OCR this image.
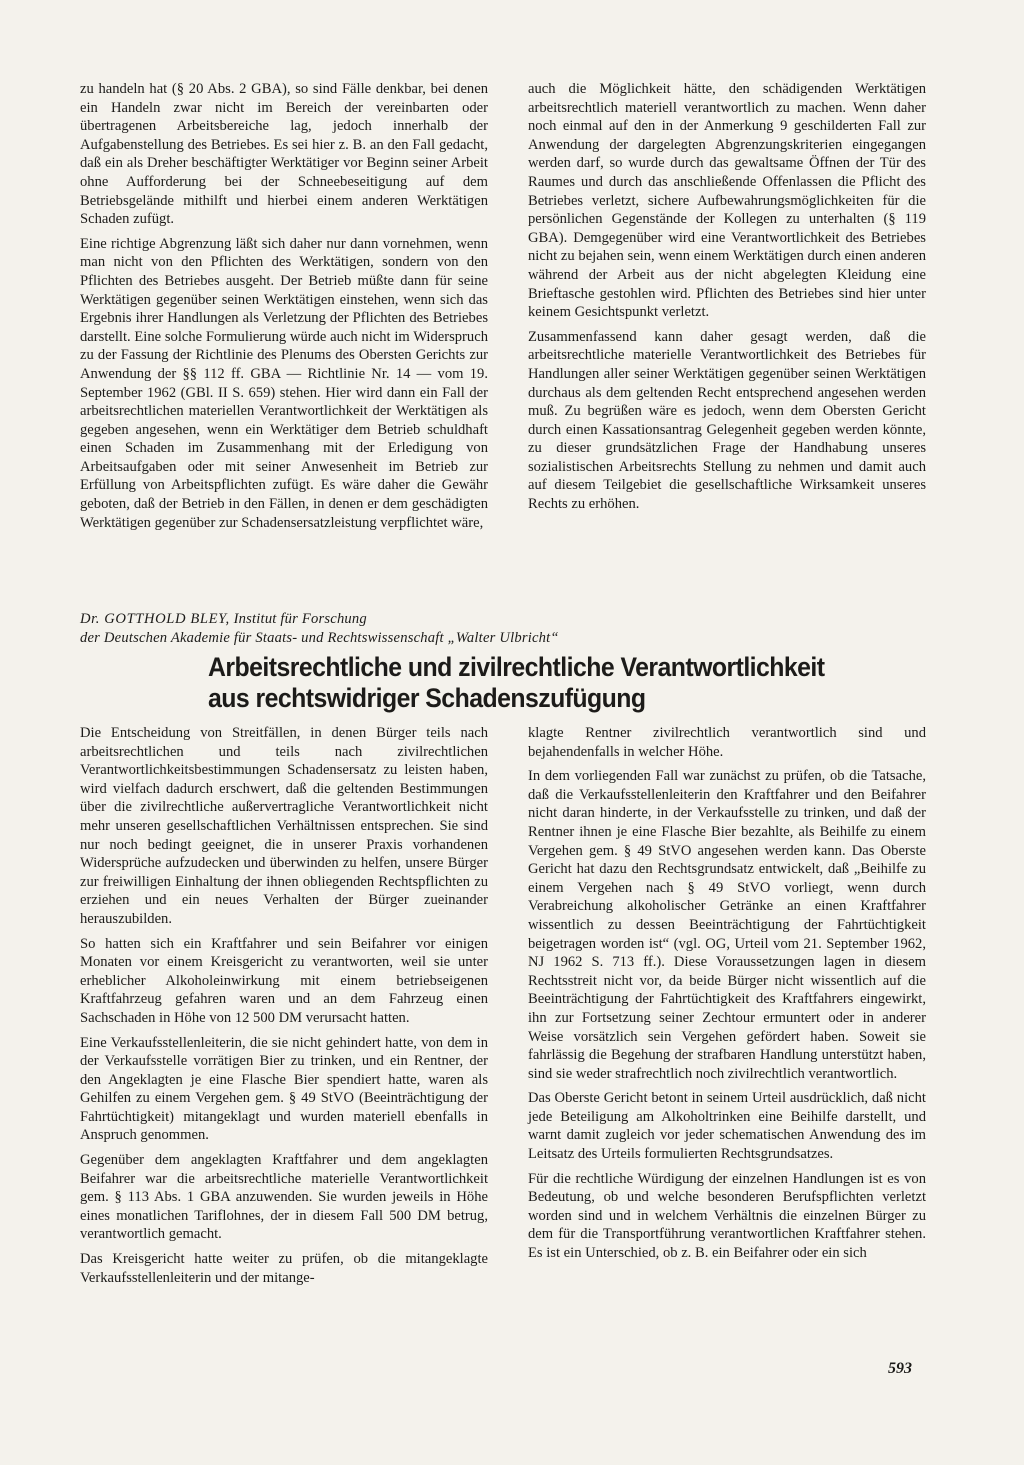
zu handeln hat (§ 20 Abs. 2 GBA), so sind Fälle denkbar, bei denen ein Handeln zwar nicht im Bereich der vereinbarten oder übertragenen Arbeitsbereiche lag, jedoch innerhalb der Aufgabenstellung des Betriebes. Es sei hier z. B. an den Fall gedacht, daß ein als Dreher beschäftigter Werktätiger vor Beginn seiner Arbeit ohne Aufforderung bei der Schneebeseitigung auf dem Betriebsgelände mithilft und hierbei einem anderen Werktätigen Schaden zufügt.

Eine richtige Abgrenzung läßt sich daher nur dann vornehmen, wenn man nicht von den Pflichten des Werktätigen, sondern von den Pflichten des Betriebes ausgeht. Der Betrieb müßte dann für seine Werktätigen gegenüber seinen Werktätigen einstehen, wenn sich das Ergebnis ihrer Handlungen als Verletzung der Pflichten des Betriebes darstellt. Eine solche Formulierung würde auch nicht im Widerspruch zu der Fassung der Richtlinie des Plenums des Obersten Gerichts zur Anwendung der §§ 112 ff. GBA — Richtlinie Nr. 14 — vom 19. September 1962 (GBl. II S. 659) stehen. Hier wird dann ein Fall der arbeitsrechtlichen materiellen Verantwortlichkeit der Werktätigen als gegeben angesehen, wenn ein Werktätiger dem Betrieb schuldhaft einen Schaden im Zusammenhang mit der Erledigung von Arbeitsaufgaben oder mit seiner Anwesenheit im Betrieb zur Erfüllung von Arbeitspflichten zufügt. Es wäre daher die Gewähr geboten, daß der Betrieb in den Fällen, in denen er dem geschädigten Werktätigen gegenüber zur Schadensersatzleistung verpflichtet wäre,

auch die Möglichkeit hätte, den schädigenden Werktätigen arbeitsrechtlich materiell verantwortlich zu machen. Wenn daher noch einmal auf den in der Anmerkung 9 geschilderten Fall zur Anwendung der dargelegten Abgrenzungskriterien eingegangen werden darf, so wurde durch das gewaltsame Öffnen der Tür des Raumes und durch das anschließende Offenlassen die Pflicht des Betriebes verletzt, sichere Aufbewahrungsmöglichkeiten für die persönlichen Gegenstände der Kollegen zu unterhalten (§ 119 GBA). Demgegenüber wird eine Verantwortlichkeit des Betriebes nicht zu bejahen sein, wenn einem Werktätigen durch einen anderen während der Arbeit aus der nicht abgelegten Kleidung eine Brieftasche gestohlen wird. Pflichten des Betriebes sind hier unter keinem Gesichtspunkt verletzt.

Zusammenfassend kann daher gesagt werden, daß die arbeitsrechtliche materielle Verantwortlichkeit des Betriebes für Handlungen aller seiner Werktätigen gegenüber seinen Werktätigen durchaus als dem geltenden Recht entsprechend angesehen werden muß. Zu begrüßen wäre es jedoch, wenn dem Obersten Gericht durch einen Kassationsantrag Gelegenheit gegeben werden könnte, zu dieser grundsätzlichen Frage der Handhabung unseres sozialistischen Arbeitsrechts Stellung zu nehmen und damit auch auf diesem Teilgebiet die gesellschaftliche Wirksamkeit unseres Rechts zu erhöhen.

Dr. GOTTHOLD BLEY, Institut für Forschung
der Deutschen Akademie für Staats- und Rechtswissenschaft „Walter Ulbricht“
Arbeitsrechtliche und zivilrechtliche Verantwortlichkeit
aus rechtswidriger Schadenszufügung

Die Entscheidung von Streitfällen, in denen Bürger teils nach arbeitsrechtlichen und teils nach zivilrechtlichen Verantwortlichkeitsbestimmungen Schadensersatz zu leisten haben, wird vielfach dadurch erschwert, daß die geltenden Bestimmungen über die zivilrechtliche außervertragliche Verantwortlichkeit nicht mehr unseren gesellschaftlichen Verhältnissen entsprechen. Sie sind nur noch bedingt geeignet, die in unserer Praxis vorhandenen Widersprüche aufzudecken und überwinden zu helfen, unsere Bürger zur freiwilligen Einhaltung der ihnen obliegenden Rechtspflichten zu erziehen und ein neues Verhalten der Bürger zueinander herauszubilden.

So hatten sich ein Kraftfahrer und sein Beifahrer vor einigen Monaten vor einem Kreisgericht zu verantworten, weil sie unter erheblicher Alkoholeinwirkung mit einem betriebseigenen Kraftfahrzeug gefahren waren und an dem Fahrzeug einen Sachschaden in Höhe von 12 500 DM verursacht hatten.

Eine Verkaufsstellenleiterin, die sie nicht gehindert hatte, von dem in der Verkaufsstelle vorrätigen Bier zu trinken, und ein Rentner, der den Angeklagten je eine Flasche Bier spendiert hatte, waren als Gehilfen zu einem Vergehen gem. § 49 StVO (Beeinträchtigung der Fahrtüchtigkeit) mitangeklagt und wurden materiell ebenfalls in Anspruch genommen.

Gegenüber dem angeklagten Kraftfahrer und dem angeklagten Beifahrer war die arbeitsrechtliche materielle Verantwortlichkeit gem. § 113 Abs. 1 GBA anzuwenden. Sie wurden jeweils in Höhe eines monatlichen Tariflohnes, der in diesem Fall 500 DM betrug, verantwortlich gemacht.

Das Kreisgericht hatte weiter zu prüfen, ob die mitangeklagte Verkaufsstellenleiterin und der mitange-

klagte Rentner zivilrechtlich verantwortlich sind und bejahendenfalls in welcher Höhe.

In dem vorliegenden Fall war zunächst zu prüfen, ob die Tatsache, daß die Verkaufsstellenleiterin den Kraftfahrer und den Beifahrer nicht daran hinderte, in der Verkaufsstelle zu trinken, und daß der Rentner ihnen je eine Flasche Bier bezahlte, als Beihilfe zu einem Vergehen gem. § 49 StVO angesehen werden kann. Das Oberste Gericht hat dazu den Rechtsgrundsatz entwickelt, daß „Beihilfe zu einem Vergehen nach § 49 StVO vorliegt, wenn durch Verabreichung alkoholischer Getränke an einen Kraftfahrer wissentlich zu dessen Beeinträchtigung der Fahrtüchtigkeit beigetragen worden ist“ (vgl. OG, Urteil vom 21. September 1962, NJ 1962 S. 713 ff.). Diese Voraussetzungen lagen in diesem Rechtsstreit nicht vor, da beide Bürger nicht wissentlich auf die Beeinträchtigung der Fahrtüchtigkeit des Kraftfahrers eingewirkt, ihn zur Fortsetzung seiner Zechtour ermuntert oder in anderer Weise vorsätzlich sein Vergehen gefördert haben. Soweit sie fahrlässig die Begehung der strafbaren Handlung unterstützt haben, sind sie weder strafrechtlich noch zivilrechtlich verantwortlich.

Das Oberste Gericht betont in seinem Urteil ausdrücklich, daß nicht jede Beteiligung am Alkoholtrinken eine Beihilfe darstellt, und warnt damit zugleich vor jeder schematischen Anwendung des im Leitsatz des Urteils formulierten Rechtsgrundsatzes.

Für die rechtliche Würdigung der einzelnen Handlungen ist es von Bedeutung, ob und welche besonderen Berufspflichten verletzt worden sind und in welchem Verhältnis die einzelnen Bürger zu dem für die Transportführung verantwortlichen Kraftfahrer stehen. Es ist ein Unterschied, ob z. B. ein Beifahrer oder ein sich

593
